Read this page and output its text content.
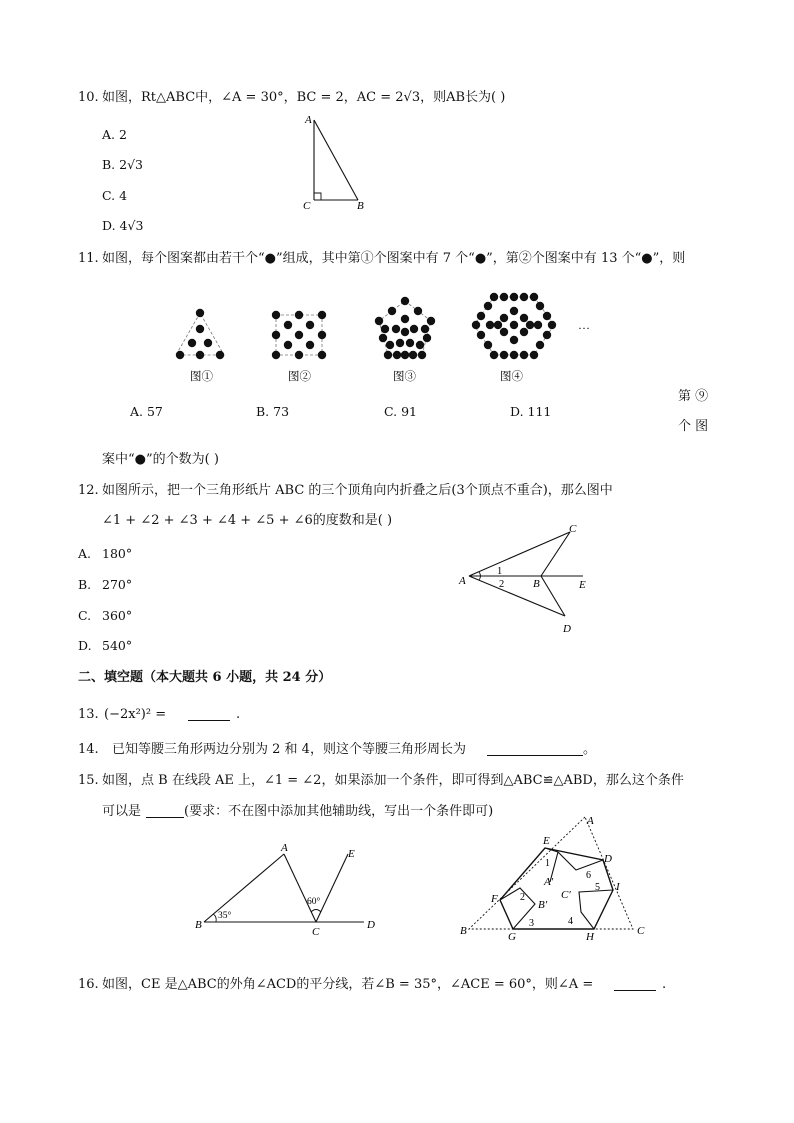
10. 如图，Rt△ABC中，∠A = 30°，BC = 2，AC = 2√3，则AB长为( )
A. 2
B. 2√3
C. 4
D. 4√3
A
C	B
11. 如图，每个图案都由若干个“●”组成，其中第①个图案中有 7 个“●”，第②个图案中有 13 个“●”，则
…
图①	图②	图③	图④
A. 57	B. 73	C. 91	D. 111
第 ⑨
个 图
案中“●”的个数为( )
12. 如图所示，把一个三角形纸片 ABC 的三个顶角向内折叠之后(3个顶点不重合)，那么图中
∠1 + ∠2 + ∠3 + ∠4 + ∠5 + ∠6的度数和是( )
A. 180°
B. 270°
C. 360°
D. 540°
A
C
B	E
D
1
2
二、填空题（本大题共 6 小题，共 24 分）
13. (−2x²)² =	.
14. 已知等腰三角形两边分别为 2 和 4，则这个等腰三角形周长为	。
15. 如图，点 B 在线段 AE 上，∠1 = ∠2，如果添加一个条件，即可得到△ABC≌△ABD，那么这个条件
可以是	(要求：不在图中添加其他辅助线，写出一个条件即可)
A
B
C
D
E
35°
60°
A
B	C
D
E
F
G	H
I
A′
B′
C′
1
2
3	4
5
6
16. 如图，CE 是△ABC的外角∠ACD的平分线，若∠B = 35°，∠ACE = 60°，则∠A =	.
